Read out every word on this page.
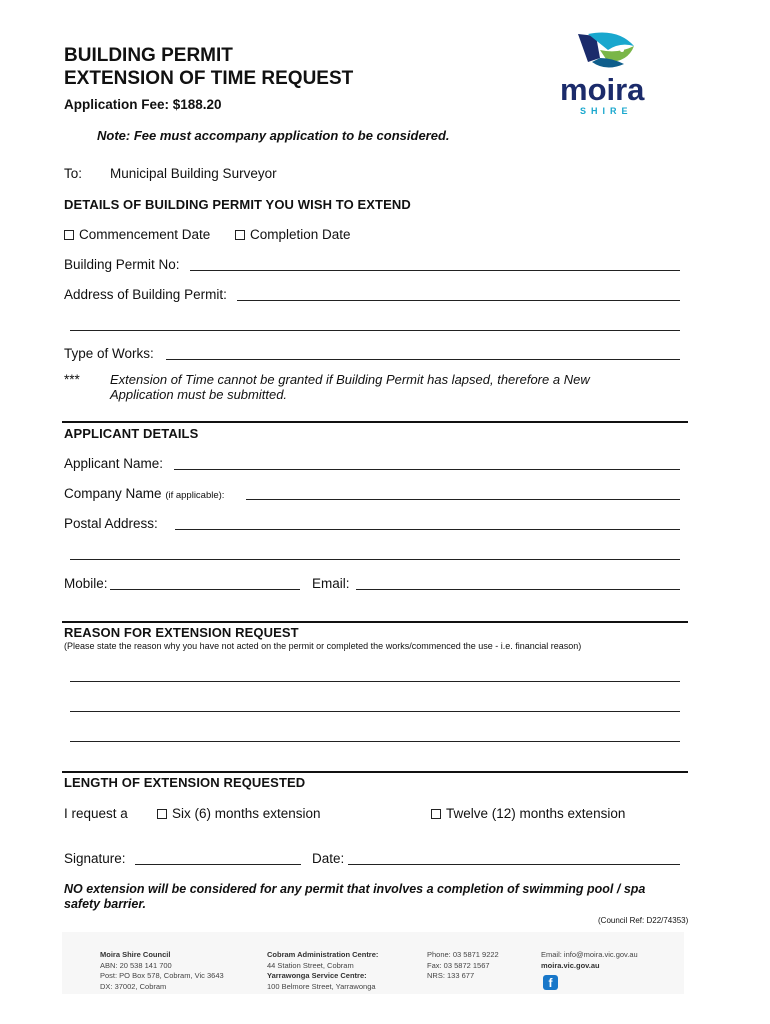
BUILDING PERMIT
EXTENSION OF TIME REQUEST
Application Fee: $188.20	moira
SHIRE
Note: Fee must accompany application to be considered.
To: Municipal Building Surveyor
DETAILS OF BUILDING PERMIT YOU WISH TO EXTEND
Commencement Date	Completion Date
Building Permit No:
Address of Building Permit:
Type of Works:
*** Extension of Time cannot be granted if Building Permit has lapsed, therefore a New
Application must be submitted.
APPLICANT DETAILS
Applicant Name:
Company Name (if applicable):
Postal Address:
Mobile:	Email:
REASON FOR EXTENSION REQUEST
(Please state the reason why you have not acted on the permit or completed the works/commenced the use - i.e. financial reason)
LENGTH OF EXTENSION REQUESTED
I request a	Six (6) months extension	Twelve (12) months extension
Signature:	Date:
NO extension will be considered for any permit that involves a completion of swimming pool / spa
safety barrier.
(Council Ref: D22/74353)
Moira Shire Council
ABN: 20 538 141 700
Post: PO Box 578, Cobram, Vic 3643
DX: 37002, Cobram
Cobram Administration Centre:
44 Station Street, Cobram
Yarrawonga Service Centre:
100 Belmore Street, Yarrawonga
Phone: 03 5871 9222
Fax: 03 5872 1567
NRS: 133 677
Email: info@moira.vic.gov.au
moira.vic.gov.au
f
